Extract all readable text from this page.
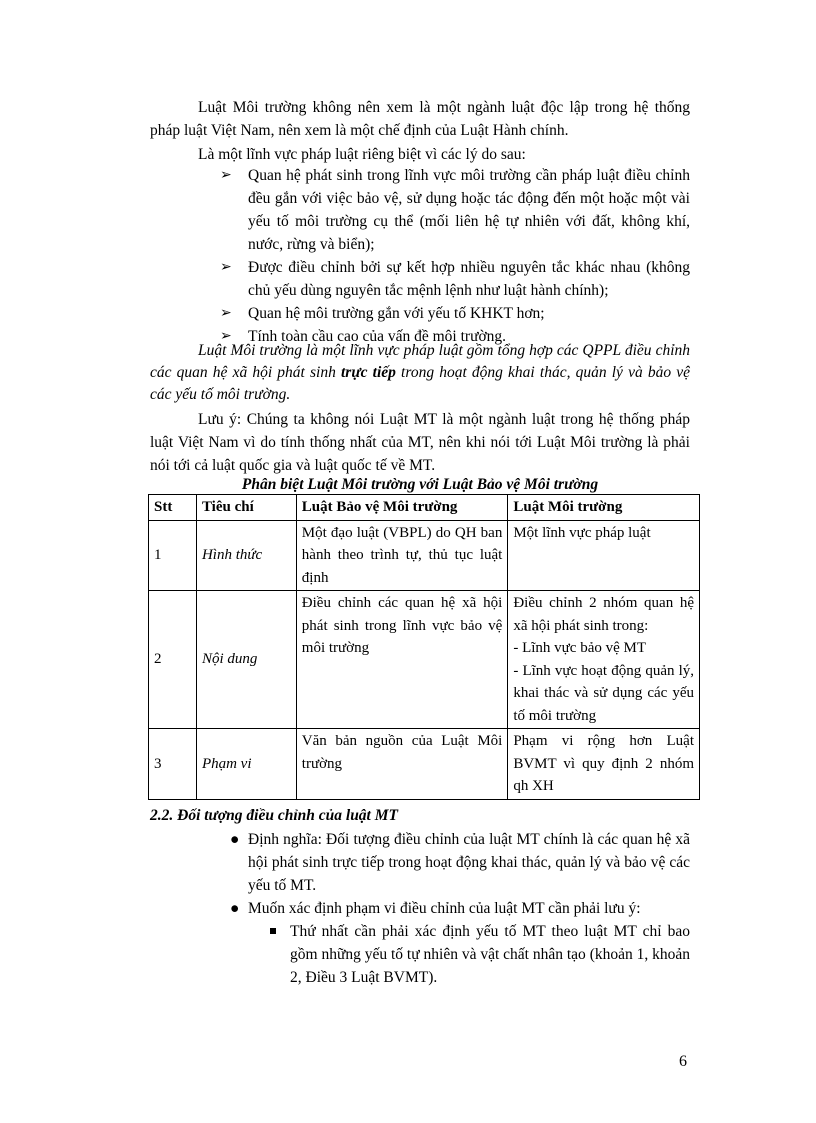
Luật Môi trường không nên xem là một ngành luật độc lập trong hệ thống pháp luật Việt Nam, nên xem là một chế định của Luật Hành chính.

Là một lĩnh vực pháp luật riêng biệt vì các lý do sau:

➢ Quan hệ phát sinh trong lĩnh vực môi trường cần pháp luật điều chỉnh đều gắn với việc bảo vệ, sử dụng hoặc tác động đến một hoặc một vài yếu tố môi trường cụ thể (mối liên hệ tự nhiên với đất, không khí, nước, rừng và biển);
➢ Được điều chỉnh bởi sự kết hợp nhiều nguyên tắc khác nhau (không chủ yếu dùng nguyên tắc mệnh lệnh như luật hành chính);
➢ Quan hệ môi trường gắn với yếu tố KHKT hơn;
➢ Tính toàn cầu cao của vấn đề môi trường.

Luật Môi trường là một lĩnh vực pháp luật gồm tổng hợp các QPPL điều chỉnh các quan hệ xã hội phát sinh trực tiếp trong hoạt động khai thác, quản lý và bảo vệ các yếu tố môi trường.

Lưu ý: Chúng ta không nói Luật MT là một ngành luật trong hệ thống pháp luật Việt Nam vì do tính thống nhất của MT, nên khi nói tới Luật Môi trường là phải nói tới cả luật quốc gia và luật quốc tế về MT.

Phân biệt Luật Môi trường với Luật Bảo vệ Môi trường

Stt	Tiêu chí	Luật Bảo vệ Môi trường	Luật Môi trường
1	Hình thức	Một đạo luật (VBPL) do QH ban hành theo trình tự, thủ tục luật định	Một lĩnh vực pháp luật

2	Nội dung	Điều chỉnh các quan hệ xã hội phát sinh trong lĩnh vực bảo vệ môi trường	Điều chỉnh 2 nhóm quan hệ xã hội phát sinh trong:
- Lĩnh vực bảo vệ MT
- Lĩnh vực hoạt động quản lý, khai thác và sử dụng các yếu tố môi trường

3	Phạm vi	Văn bản nguồn của Luật Môi trường	Phạm vi rộng hơn Luật BVMT vì quy định 2 nhóm qh XH

2.2. Đối tượng điều chỉnh của luật MT

● Định nghĩa: Đối tượng điều chỉnh của luật MT chính là các quan hệ xã hội phát sinh trực tiếp trong hoạt động khai thác, quản lý và bảo vệ các yếu tố MT.
● Muốn xác định phạm vi điều chỉnh của luật MT cần phải lưu ý:
Thứ nhất cần phải xác định yếu tố MT theo luật MT chỉ bao gồm những yếu tố tự nhiên và vật chất nhân tạo (khoản 1, khoản 2, Điều 3 Luật BVMT).
6
